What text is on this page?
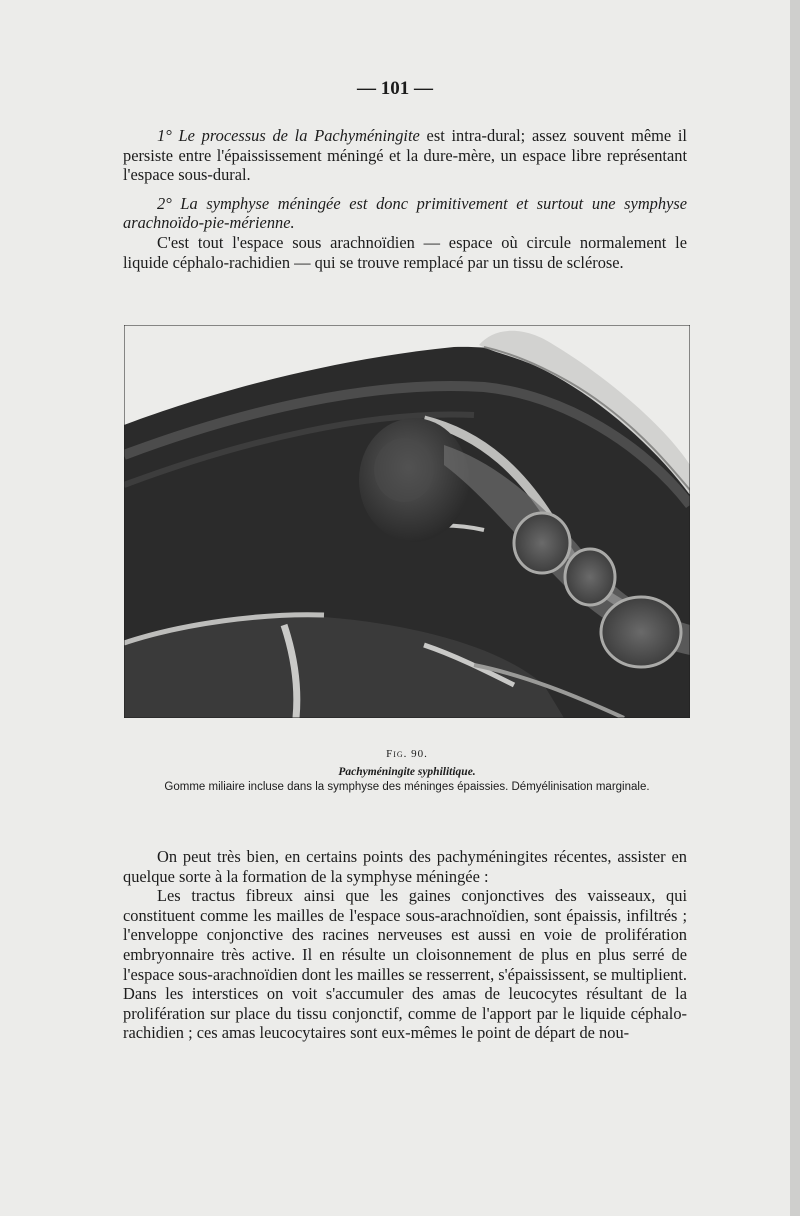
— 101 —

1° Le processus de la Pachyméningite est intra-dural; assez souvent même il persiste entre l'épaississement méningé et la dure-mère, un espace libre représentant l'espace sous-dural.

2° La symphyse méningée est donc primitivement et surtout une symphyse arachnoïdo-pie-mérienne.

C'est tout l'espace sous arachnoïdien — espace où circule normalement le liquide céphalo-rachidien — qui se trouve remplacé par un tissu de sclérose.

Fig. 90.
Pachyméningite syphilitique.
Gomme miliaire incluse dans la symphyse des méninges épaissies. Démyélinisation marginale.

On peut très bien, en certains points des pachyméningites récentes, assister en quelque sorte à la formation de la symphyse méningée :

Les tractus fibreux ainsi que les gaines conjonctives des vaisseaux, qui constituent comme les mailles de l'espace sous-arachnoïdien, sont épaissis, infiltrés ; l'enveloppe conjonctive des racines nerveuses est aussi en voie de prolifération embryonnaire très active. Il en résulte un cloisonnement de plus en plus serré de l'espace sous-arachnoïdien dont les mailles se resserrent, s'épaississent, se multiplient. Dans les interstices on voit s'accumuler des amas de leucocytes résultant de la prolifération sur place du tissu conjonctif, comme de l'apport par le liquide céphalo-rachidien ; ces amas leucocytaires sont eux-mêmes le point de départ de nou-
